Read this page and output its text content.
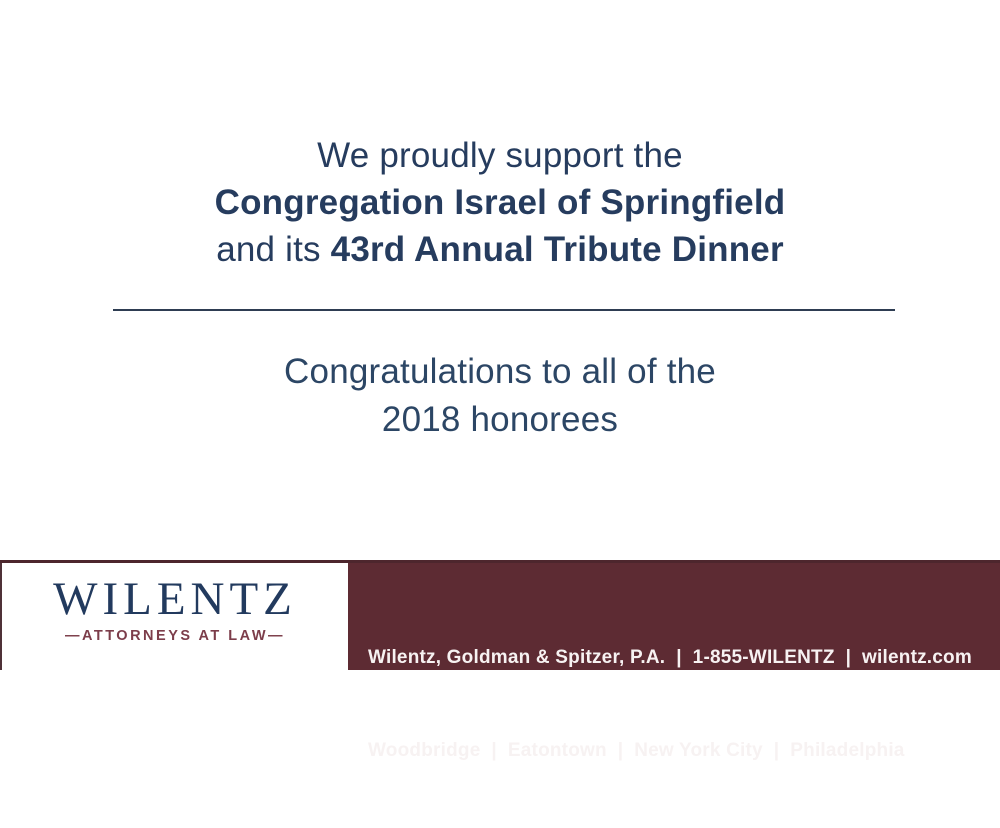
We proudly support the
Congregation Israel of Springfield
and its 43rd Annual Tribute Dinner
Congratulations to all of the
2018 honorees
WILENTZ
—ATTORNEYS AT LAW—

Wilentz, Goldman & Spitzer, P.A.  |  1-855-WILENTZ  |  wilentz.com

Woodbridge  |  Eatontown  |  New York City  |  Philadelphia
